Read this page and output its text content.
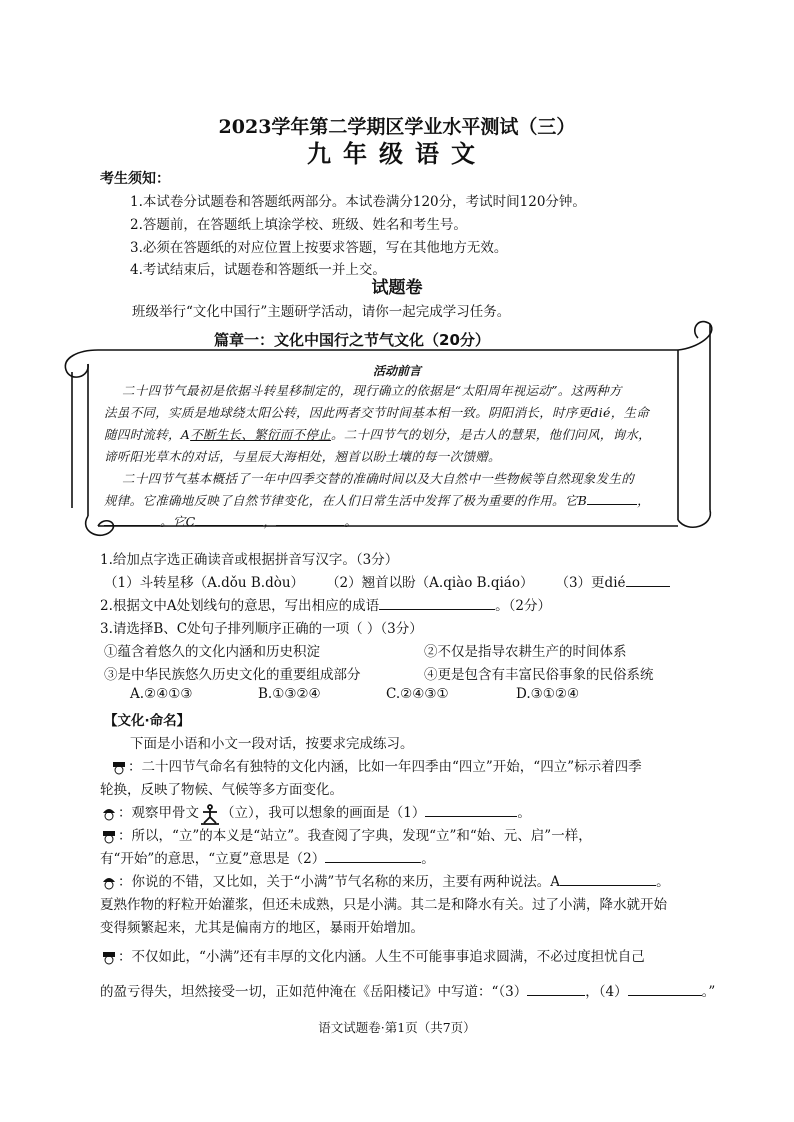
2023学年第二学期区学业水平测试（三）
九年级语文
考生须知：
1.本试卷分试题卷和答题纸两部分。本试卷满分120分，考试时间120分钟。
2.答题前，在答题纸上填涂学校、班级、姓名和考生号。
3.必须在答题纸的对应位置上按要求答题，写在其他地方无效。
4.考试结束后，试题卷和答题纸一并上交。
试题卷
班级举行“文化中国行”主题研学活动，请你一起完成学习任务。
篇章一：文化中国行之节气文化（20分）
活动前言
二十四节气最初是依据斗转星移制定的，现行确立的依据是“太阳周年视运动”。这两种方
法虽不同，实质是地球绕太阳公转，因此两者交节时间基本相一致。阴阳消长，时序更dié，生命
随四时流转，A不断生长、繁衍而不停止。二十四节气的划分，是古人的慧果，他们问风，询水，
谛听阳光草木的对话，与星辰大海相处，翘首以盼土壤的每一次馈赠。
二十四节气基本概括了一年中四季交替的准确时间以及大自然中一些物候等自然现象发生的
规律。它准确地反映了自然节律变化，在人们日常生活中发挥了极为重要的作用。它B	，
。它C	，	。
1.给加点字选正确读音或根据拼音写汉字。（3分）
（1）斗转星移（A.dǒu B.dòu） （2）翘首以盼（A.qiào B.qiáo） （3）更dié
2.根据文中A处划线句的意思，写出相应的成语	。（2分）
3.请选择B、C处句子排列顺序正确的一项（ ）（3分）
①蕴含着悠久的文化内涵和历史积淀	②不仅是指导农耕生产的时间体系
③是中华民族悠久历史文化的重要组成部分	④更是包含有丰富民俗事象的民俗系统
A.②④①③	B.①③②④	C.②④③①	D.③①②④
【文化·命名】
下面是小语和小文一段对话，按要求完成练习。
：二十四节气命名有独特的文化内涵，比如一年四季由“四立”开始，“四立”标示着四季
轮换，反映了物候、气候等多方面变化。
：观察甲骨文 （立），我可以想象的画面是（1）	。
：所以，“立”的本义是“站立”。我查阅了字典，发现“立”和“始、元、启”一样，
有“开始”的意思，“立夏”意思是（2）	。
：你说的不错，又比如，关于“小满”节气名称的来历，主要有两种说法。A	。
夏熟作物的籽粒开始灌浆，但还未成熟，只是小满。其二是和降水有关。过了小满，降水就开始
变得频繁起来，尤其是偏南方的地区，暴雨开始增加。
：不仅如此，“小满”还有丰厚的文化内涵。人生不可能事事追求圆满，不必过度担忧自己
的盈亏得失，坦然接受一切，正如范仲淹在《岳阳楼记》中写道：“（3）	，（4）	。”
语文试题卷·第1页（共7页）
